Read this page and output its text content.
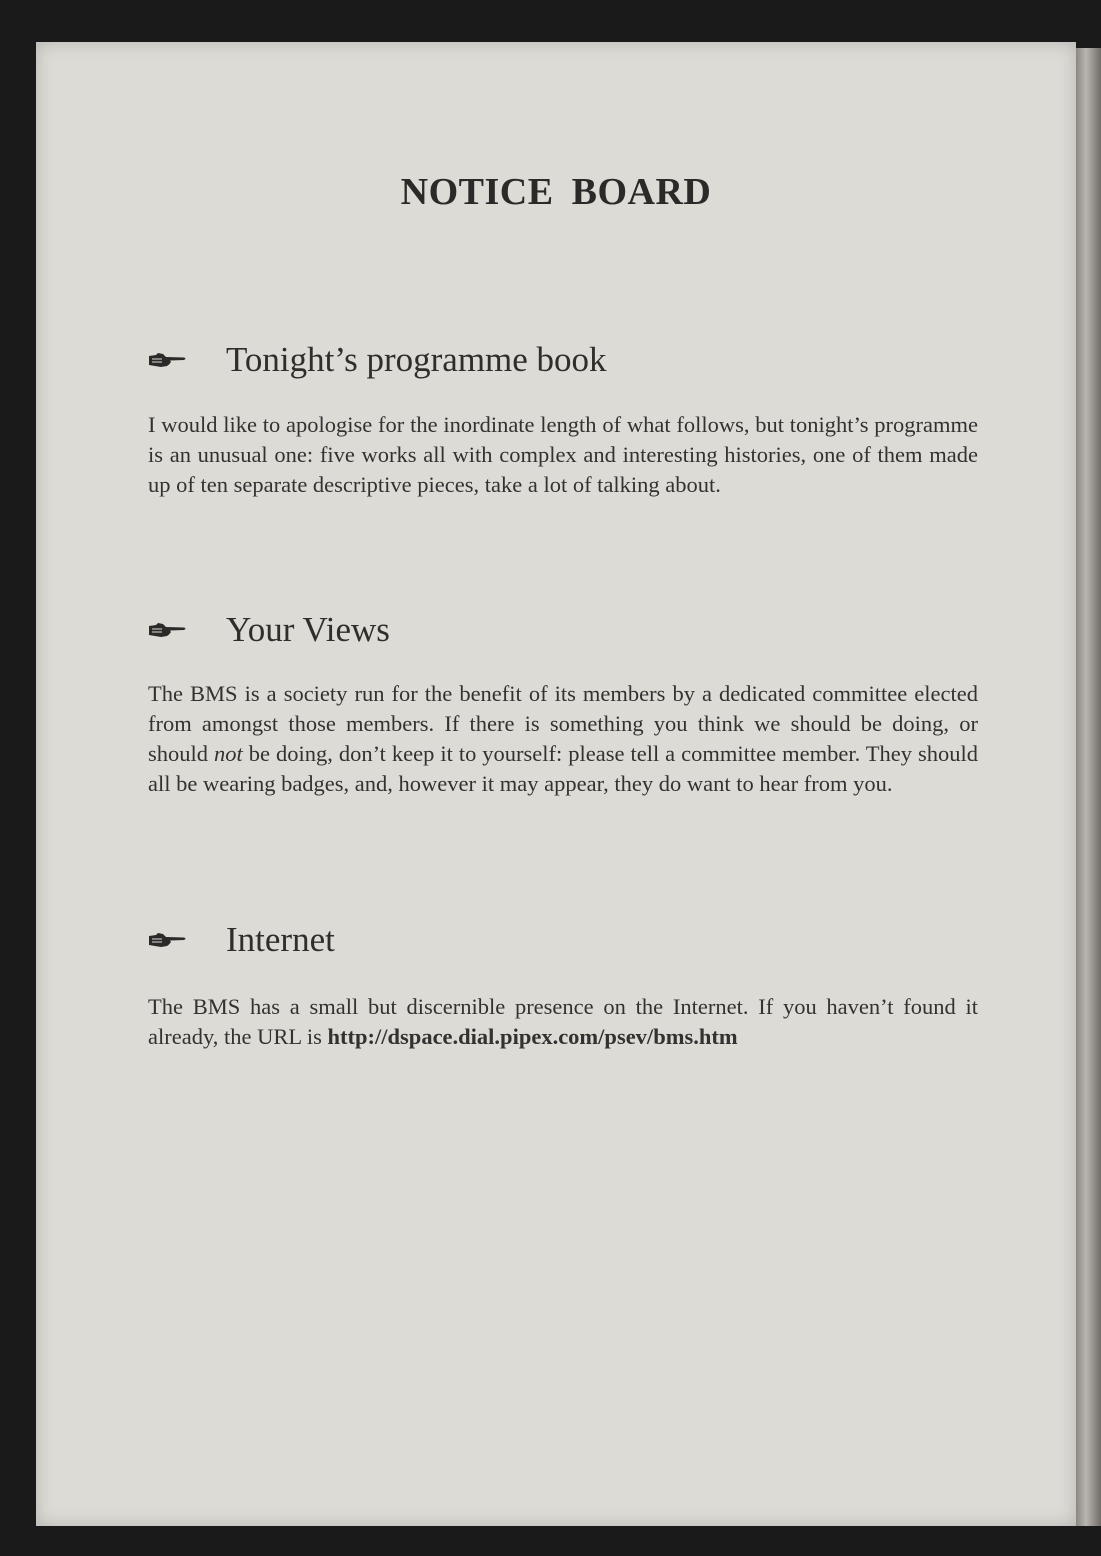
NOTICE BOARD
Tonight’s programme book
I would like to apologise for the inordinate length of what follows, but tonight’s programme is an unusual one: five works all with complex and interesting histories, one of them made up of ten separate descriptive pieces, take a lot of talking about.
Your Views
The BMS is a society run for the benefit of its members by a dedicated committee elected from amongst those members. If there is something you think we should be doing, or should not be doing, don’t keep it to yourself: please tell a committee member. They should all be wearing badges, and, however it may appear, they do want to hear from you.
Internet
The BMS has a small but discernible presence on the Internet. If you haven’t found it already, the URL is http://dspace.dial.pipex.com/psev/bms.htm
